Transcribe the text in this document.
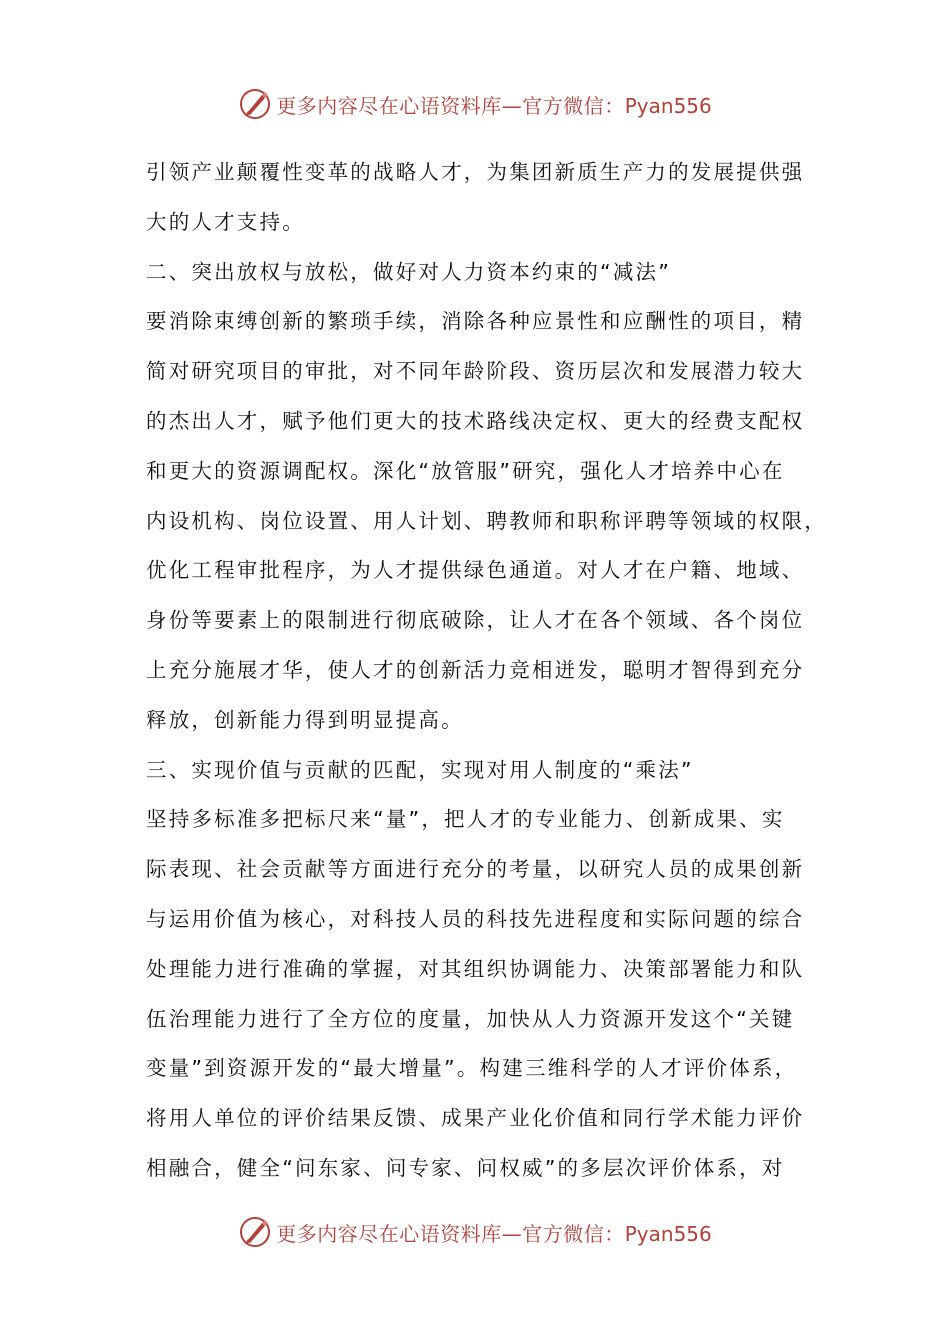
更多内容尽在心语资料库—官方微信：Pyan556
引领产业颠覆性变革的战略人才，为集团新质生产力的发展提供强
大的人才支持。
二、突出放权与放松，做好对人力资本约束的“减法”
要消除束缚创新的繁琐手续，消除各种应景性和应酬性的项目，精
简对研究项目的审批，对不同年龄阶段、资历层次和发展潜力较大
的杰出人才，赋予他们更大的技术路线决定权、更大的经费支配权
和更大的资源调配权。深化“放管服”研究，强化人才培养中心在
内设机构、岗位设置、用人计划、聘教师和职称评聘等领域的权限，
优化工程审批程序，为人才提供绿色通道。对人才在户籍、地域、
身份等要素上的限制进行彻底破除，让人才在各个领域、各个岗位
上充分施展才华，使人才的创新活力竞相迸发，聪明才智得到充分
释放，创新能力得到明显提高。
三、实现价值与贡献的匹配，实现对用人制度的“乘法”
坚持多标准多把标尺来“量”，把人才的专业能力、创新成果、实
际表现、社会贡献等方面进行充分的考量，以研究人员的成果创新
与运用价值为核心，对科技人员的科技先进程度和实际问题的综合
处理能力进行准确的掌握，对其组织协调能力、决策部署能力和队
伍治理能力进行了全方位的度量，加快从人力资源开发这个“关键
变量”到资源开发的“最大增量”。构建三维科学的人才评价体系，
将用人单位的评价结果反馈、成果产业化价值和同行学术能力评价
相融合，健全“问东家、问专家、问权威”的多层次评价体系，对
更多内容尽在心语资料库—官方微信：Pyan556
